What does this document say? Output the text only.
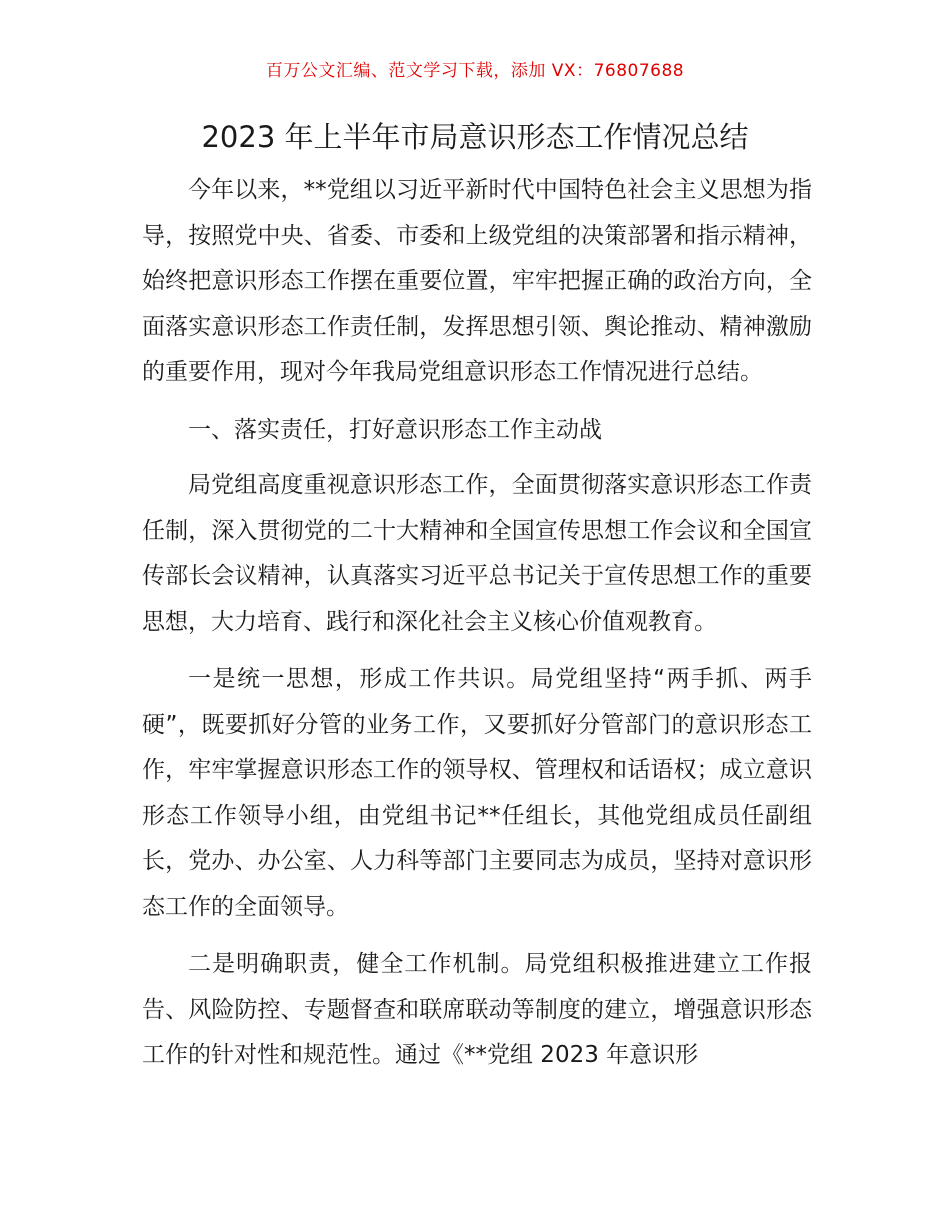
百万公文汇编、范文学习下载，添加 VX：76807688
2023 年上半年市局意识形态工作情况总结

今年以来，**党组以习近平新时代中国特色社会主义思想为指导，按照党中央、省委、市委和上级党组的决策部署和指示精神，始终把意识形态工作摆在重要位置，牢牢把握正确的政治方向，全面落实意识形态工作责任制，发挥思想引领、舆论推动、精神激励的重要作用，现对今年我局党组意识形态工作情况进行总结。

一、落实责任，打好意识形态工作主动战

局党组高度重视意识形态工作，全面贯彻落实意识形态工作责任制，深入贯彻党的二十大精神和全国宣传思想工作会议和全国宣传部长会议精神，认真落实习近平总书记关于宣传思想工作的重要思想，大力培育、践行和深化社会主义核心价值观教育。

一是统一思想，形成工作共识。局党组坚持“两手抓、两手硬”，既要抓好分管的业务工作，又要抓好分管部门的意识形态工作，牢牢掌握意识形态工作的领导权、管理权和话语权；成立意识形态工作领导小组，由党组书记**任组长，其他党组成员任副组长，党办、办公室、人力科等部门主要同志为成员，坚持对意识形态工作的全面领导。

二是明确职责，健全工作机制。局党组积极推进建立工作报告、风险防控、专题督查和联席联动等制度的建立，增强意识形态工作的针对性和规范性。通过《**党组 2023 年意识形
